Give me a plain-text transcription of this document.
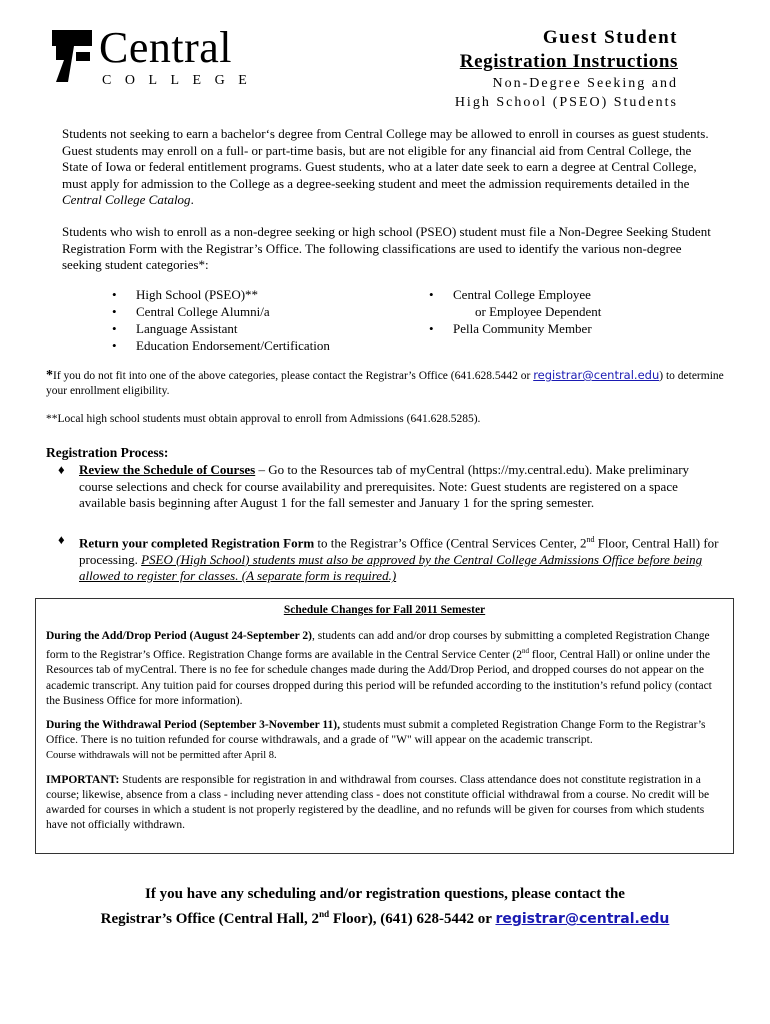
Central
COLLEGE
Guest Student
Registration Instructions
Non-Degree Seeking and
High School (PSEO) Students
Students not seeking to earn a bachelor‘s degree from Central College may be allowed to enroll in courses as guest students. Guest students may enroll on a full- or part-time basis, but are not eligible for any financial aid from Central College, the State of Iowa or federal entitlement programs. Guest students, who at a later date seek to earn a degree at Central College, must apply for admission to the College as a degree-seeking student and meet the admission requirements detailed in the Central College Catalog.
Students who wish to enroll as a non-degree seeking or high school (PSEO) student must file a Non-Degree Seeking Student Registration Form with the Registrar’s Office. The following classifications are used to identify the various non-degree seeking student categories*:
• High School (PSEO)**
• Central College Alumni/a
• Language Assistant
• Education Endorsement/Certification
• Central College Employee
or Employee Dependent
• Pella Community Member
*If you do not fit into one of the above categories, please contact the Registrar’s Office (641.628.5442 or registrar@central.edu) to determine your enrollment eligibility.
**Local high school students must obtain approval to enroll from Admissions (641.628.5285).
Registration Process:
♦ Review the Schedule of Courses – Go to the Resources tab of myCentral (https://my.central.edu). Make preliminary course selections and check for course availability and prerequisites. Note: Guest students are registered on a space available basis beginning after August 1 for the fall semester and January 1 for the spring semester.
♦ Return your completed Registration Form to the Registrar’s Office (Central Services Center, 2nd Floor, Central Hall) for processing. PSEO (High School) students must also be approved by the Central College Admissions Office before being allowed to register for classes. (A separate form is required.)
Schedule Changes for Fall 2011 Semester

During the Add/Drop Period (August 24-September 2), students can add and/or drop courses by submitting a completed Registration Change form to the Registrar’s Office. Registration Change forms are available in the Central Service Center (2nd floor, Central Hall) or online under the Resources tab of myCentral. There is no fee for schedule changes made during the Add/Drop Period, and dropped courses do not appear on the academic transcript. Any tuition paid for courses dropped during this period will be refunded according to the institution’s refund policy (contact the Business Office for more information).

During the Withdrawal Period (September 3-November 11), students must submit a completed Registration Change Form to the Registrar’s Office. There is no tuition refunded for course withdrawals, and a grade of "W" will appear on the academic transcript.
Course withdrawals will not be permitted after April 8.

IMPORTANT: Students are responsible for registration in and withdrawal from courses. Class attendance does not constitute registration in a course; likewise, absence from a class - including never attending class - does not constitute official withdrawal from a course. No credit will be awarded for courses in which a student is not properly registered by the deadline, and no refunds will be given for courses from which students have not officially withdrawn.

If you have any scheduling and/or registration questions, please contact the
Registrar’s Office (Central Hall, 2nd Floor), (641) 628-5442 or registrar@central.edu
